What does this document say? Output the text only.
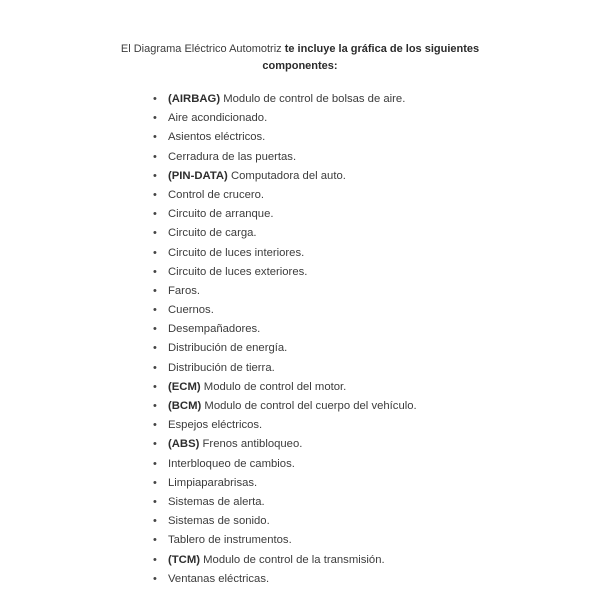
El Diagrama Eléctrico Automotriz te incluye la gráfica de los siguientes
componentes:
• (AIRBAG) Modulo de control de bolsas de aire.
• Aire acondicionado.
• Asientos eléctricos.
• Cerradura de las puertas.
• (PIN-DATA) Computadora del auto.
• Control de crucero.
• Circuito de arranque.
• Circuito de carga.
• Circuito de luces interiores.
• Circuito de luces exteriores.
• Faros.
• Cuernos.
• Desempañadores.
• Distribución de energía.
• Distribución de tierra.
• (ECM) Modulo de control del motor.
• (BCM) Modulo de control del cuerpo del vehículo.
• Espejos eléctricos.
• (ABS) Frenos antibloqueo.
• Interbloqueo de cambios.
• Limpiaparabrisas.
• Sistemas de alerta.
• Sistemas de sonido.
• Tablero de instrumentos.
• (TCM) Modulo de control de la transmisión.
• Ventanas eléctricas.
